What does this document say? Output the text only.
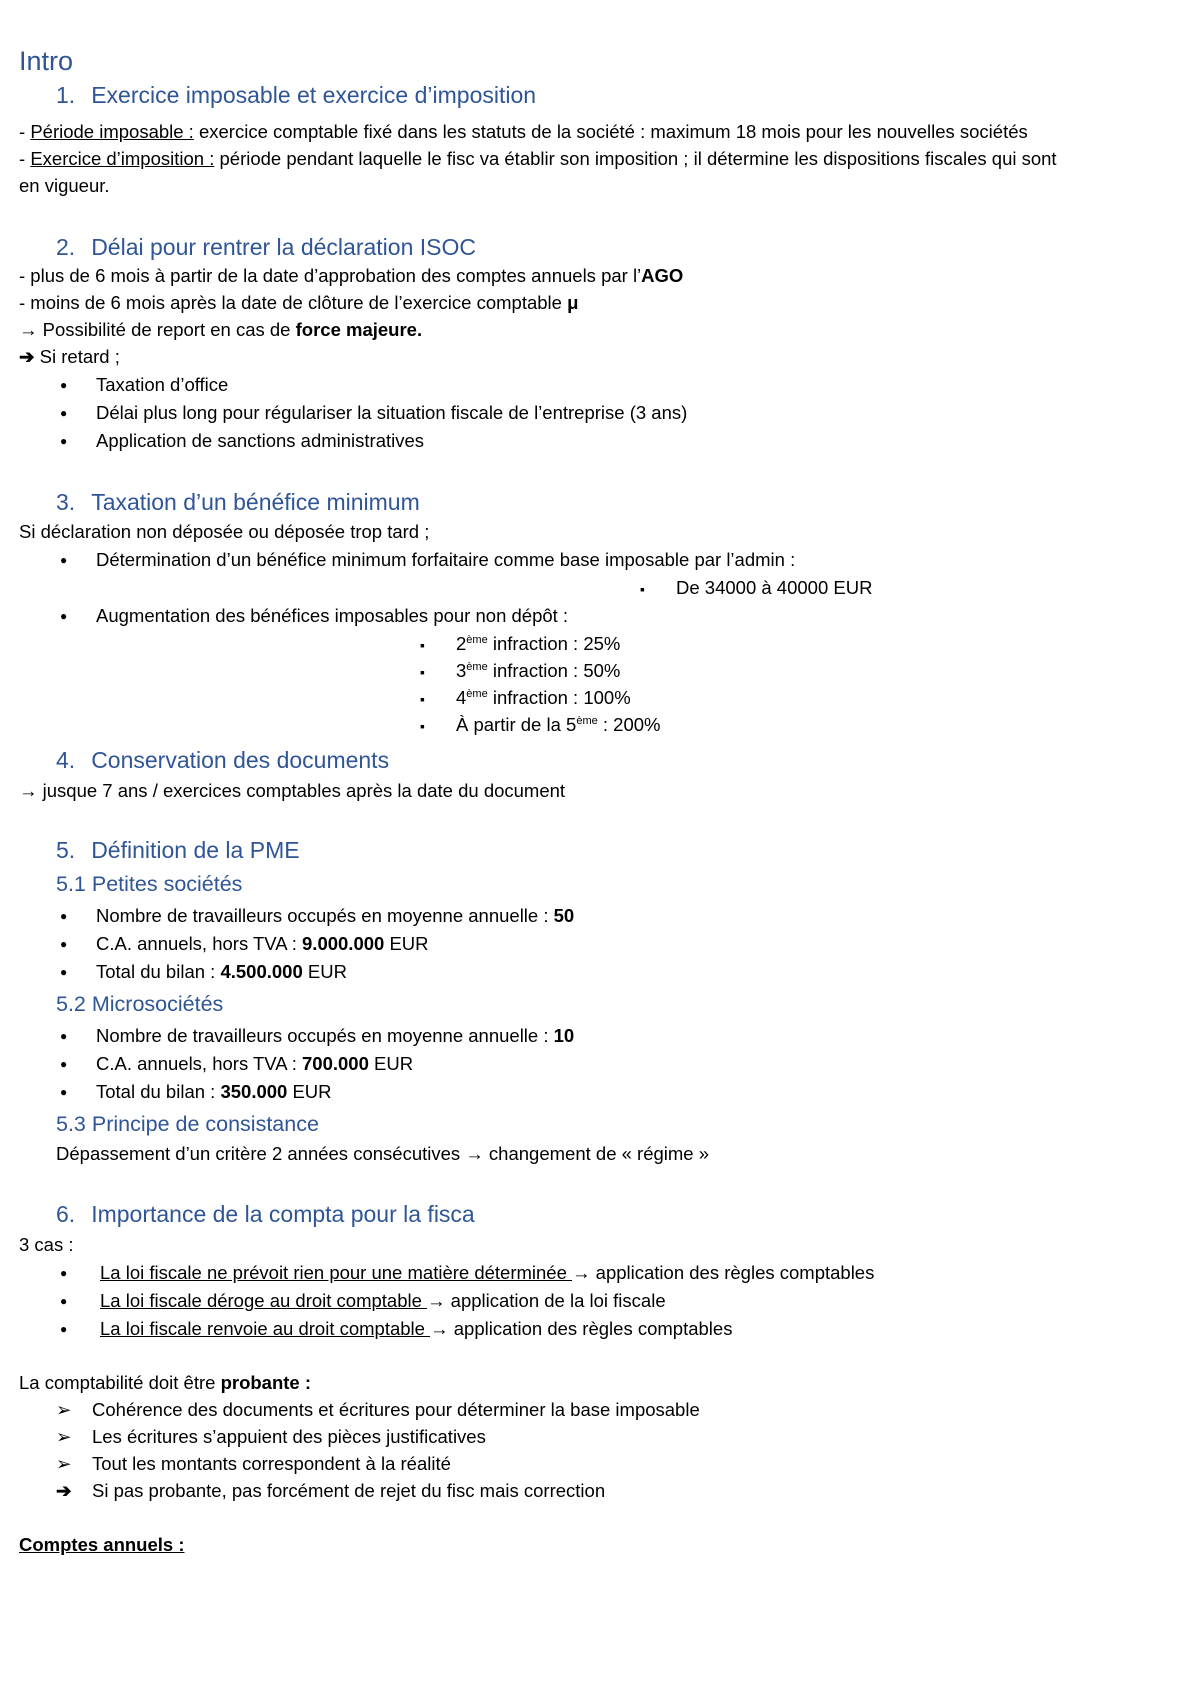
Intro
1. Exercice imposable et exercice d’imposition
- Période imposable : exercice comptable fixé dans les statuts de la société : maximum 18 mois pour les nouvelles sociétés
- Exercice d’imposition : période pendant laquelle le fisc va établir son imposition ; il détermine les dispositions fiscales qui sont
en vigueur.
2. Délai pour rentrer la déclaration ISOC
- plus de 6 mois à partir de la date d’approbation des comptes annuels par l’AGO
- moins de 6 mois après la date de clôture de l’exercice comptable μ
→ Possibilité de report en cas de force majeure.
➔ Si retard ;
●Taxation d’office
●Délai plus long pour régulariser la situation fiscale de l’entreprise (3 ans)
●Application de sanctions administratives
3. Taxation d’un bénéfice minimum
Si déclaration non déposée ou déposée trop tard ;
●Détermination d’un bénéfice minimum forfaitaire comme base imposable par l’admin :
▪De 34000 à 40000 EUR
●Augmentation des bénéfices imposables pour non dépôt :
▪2ème infraction : 25%
▪3ème infraction : 50%
▪4ème infraction : 100%
▪À partir de la 5ème : 200%
4. Conservation des documents
→ jusque 7 ans / exercices comptables après la date du document
5. Définition de la PME
5.1 Petites sociétés
●Nombre de travailleurs occupés en moyenne annuelle : 50
●C.A. annuels, hors TVA : 9.000.000 EUR
●Total du bilan : 4.500.000 EUR
5.2 Microsociétés
●Nombre de travailleurs occupés en moyenne annuelle : 10
●C.A. annuels, hors TVA : 700.000 EUR
●Total du bilan : 350.000 EUR
5.3 Principe de consistance
Dépassement d’un critère 2 années consécutives → changement de « régime »
6. Importance de la compta pour la fisca
3 cas :
●La loi fiscale ne prévoit rien pour une matière déterminée → application des règles comptables
●La loi fiscale déroge au droit comptable → application de la loi fiscale
●La loi fiscale renvoie au droit comptable → application des règles comptables
La comptabilité doit être probante :
➢ Cohérence des documents et écritures pour déterminer la base imposable
➢ Les écritures s’appuient des pièces justificatives
➢ Tout les montants correspondent à la réalité
➔ Si pas probante, pas forcément de rejet du fisc mais correction
Comptes annuels :
